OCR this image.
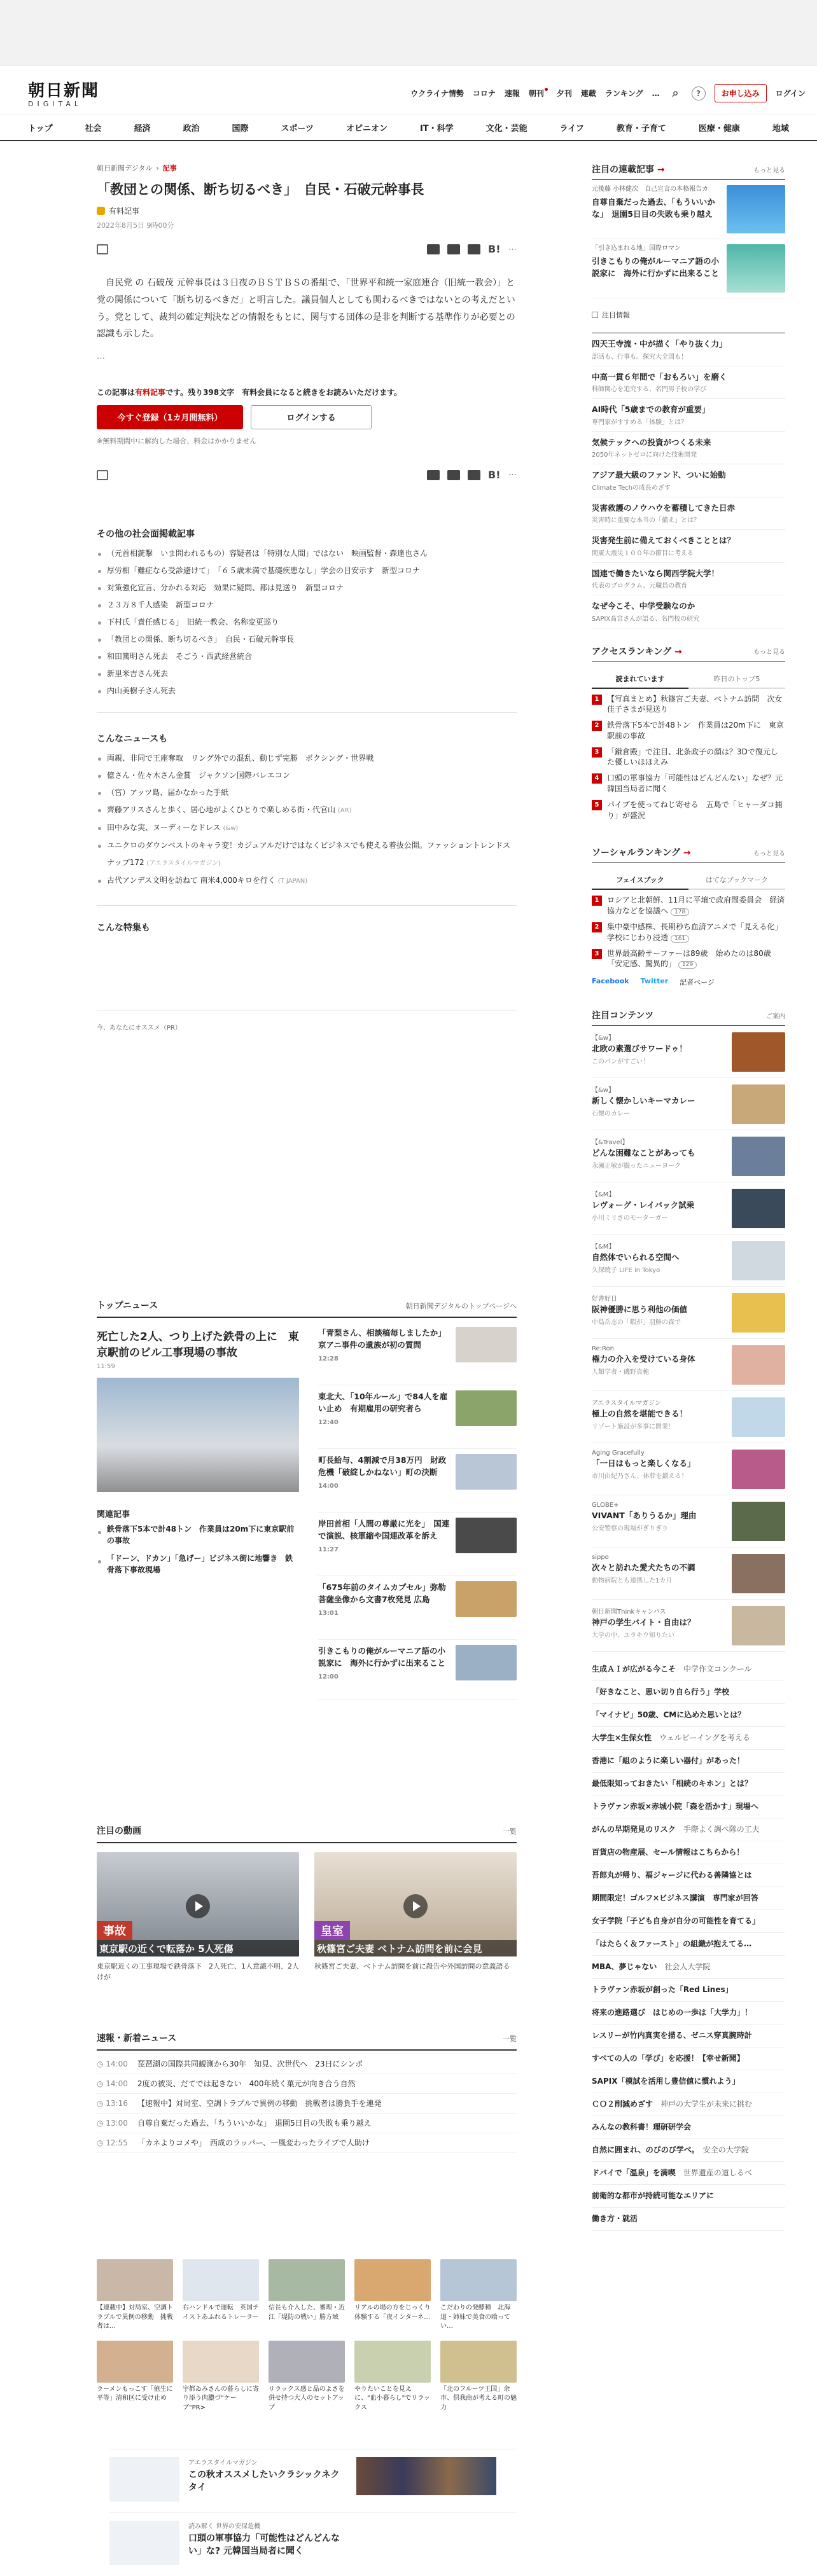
朝日新聞
DIGITAL
ウクライナ情勢 コロナ 速報 朝刊	夕刊 連載 ランキング …	⌕	?	お申し込み	ログイン
トップ	社会	経済	政治	国際	スポーツ	オピニオン	IT・科学	文化・芸能	ライフ	教育・子育て	医療・健康	地域
朝日新聞デジタル › 記事
「教団との関係、断ち切るべき」　自民・石破元幹事長
有料記事
2022年8月5日 9時00分
B! ⋯

自民党 の 石破茂 元幹事長は３日夜のＢＳＴＢＳの番組で、「世界平和統一家庭連合（旧統一教会）」と党の関係について「断ち切るべきだ」と明言した。議員個人としても関わるべきではないとの考えだという。党として、裁判の確定判決などの情報をもとに、関与する団体の是非を判断する基準作りが必要との認識も示した。

…
この記事は有料記事です。残り398文字　有料会員になると続きをお読みいただけます。
今すぐ登録（1カ月間無料）	ログインする
※無料期間中に解約した場合、料金はかかりません
B! ⋯
その他の社会面掲載記事
（元首相銃撃　いま問われるもの）容疑者は「特別な人間」ではない　映画監督・森達也さん
厚労相「難症なら受診避けて」　「６５歳未満で基礎疾患なし」学会の目安示す　新型コロナ
対策強化宣言、分かれる対応　効果に疑問、都は見送り　新型コロナ
２３万８千人感染　新型コロナ
下村氏「責任感じる」　旧統一教会、名称変更巡り
「教団との関係、断ち切るべき」　自民・石破元幹事長
和田篤明さん死去　そごう・西武経営統合
新里米吉さん死去
内山美樹子さん死去
こんなニュースも
両親、非同で王座奪取　リング外での混乱、動じず完勝　ボクシング・世界戦
億さん・佐々木さん金賞　ジャクソン国際バレエコン
（宮）アッツ島、届かなかった手紙
齊藤アリスさんと歩く、居心地がよくひとりで楽しめる街・代官山 (AR)
田中みな実、ヌーディーなドレス (&w)
ユニクロのダウンベストのキャラ変！カジュアルだけではなくビジネスでも使える着抜公開。ファッショントレンドスナップ172 (アエラスタイルマガジン)
古代アンデス文明を訪ねて 南米4,000キロを行く (T JAPAN)
こんな特集も
今、あなたにオススメ（PR）
トップニュース	朝日新聞デジタルのトップページへ
死亡した2人、つり上げた鉄骨の上に　東京駅前のビル工事現場の事故
11:59
関連記事
鉄骨落下5本で計48トン　作業員は20m下に東京駅前の事故
「ドーン、ドカン」「急げー」ビジネス街に地響き　鉄骨落下事故現場
「青梨さん、相談稿毎しましたか」　京アニ事件の遺族が初の質問
12:28
東北大、「10年ルール」で84人を雇い止め　有期雇用の研究者ら
12:40
町長給与、4割減で月38万円　財政危機「破綻しかねない」町の決断
14:00
岸田首相「人間の尊厳に光を」　国連で演説、核軍縮や国連改革を訴え
11:27
「675年前のタイムカプセル」弥勒菩薩坐像から文書7枚発見 広島
13:01
引きこもりの俺がルーマニア語の小説家に　海外に行かずに出来ること
12:00
注目の動画	一覧
事故
東京駅の近くで転落か 5人死傷
東京駅近くの工事現場で鉄骨落下　2人死亡、1人意識不明、2人けが
皇室
秋篠宮ご夫妻 ベトナム訪問を前に会見
秋篠宮ご夫妻、ベトナム訪問を前に殺告や外国訪問の意義語る
速報・新着ニュース	一覧
◷ 14:00	琵琶湖の国際共同観測から30年　知見、次世代へ　23日にシンポ
◷ 14:00	2度の被災、だてでは起きない　400年続く菓元が向き合う自然
◷ 13:16	【速報中】対局室、空調トラブルで異例の移動　挑戦者は勝負手を連発
◷ 13:00	自尊自棄だった過去、「ちういいかな」　退園5日目の失敗も乗り越え
◷ 12:55	「カネよりコメや」　西成のラッパー、一風変わったライブで人助け
【連載中】対局室、空調トラブルで異例の移動　挑戦者は…
右ハンドルで運転　英国テイストあふれるトレーラー
信長も介入した、審理・近江「堤防の戦い」勝方域
リアルの場の方をじっくり体験する「夜インターネ…
こだわりの発酵種　北海道・姉妹で美食の喰ってい…
ラーメンもっこす「値生に平等」清和区に受け止め
宇都ゐみさんの暮らしに寄り添う肉膿づ"ケーブ"PR>
リラックス感と品のよさを併せ持つ大人のセットアップ
やりたいことを見えに、"血小暮らし"でリラックス
「北のフルーツ王国」余市、倶我商が考える町の魅力
アエラスタイルマガジン
この秋オススメしたいクラシックネクタイ
読み解く 世界の安保危機
口頭の軍事協力「可能性はどんどんない」な? 元韓国当局者に聞く
注目の連載記事 →	もっと見る
元後藤 小林健次　自己宣言の本格報告カ
自尊自棄だった過去、「もういいかな」　退園5日目の失敗も乗り越え
「引き込まれる地」国際ロマン
引きこもりの俺がルーマニア語の小説家に　海外に行かずに出来ること
注目情報
四天王寺流・中が描く「やり抜く力」
部活も、行事も。探究大全国も！
中高一貫６年間で「おもろい」を磨く
科師関心を追究する、名門男子校の学び
AI時代「5歳までの教育が重要」
専門家がすすめる「体験」とは？
気候テックへの投資がつくる未来
2050年ネットゼロに向けた技術開発
アジア最大級のファンド、ついに始動
Climate Techの成長めざす
災害救護のノウハウを蓄積してきた日赤
災害時に重要な本当の「備え」とは？
災害発生前に備えておくべきこととは？
関東大震災１００年の節目に考える
国連で働きたいなら関西学院大学！
代表のプログラム、元職員の教育
なぜ今こそ、中学受験なのか
SAPIX髙宮さんが語る、名門校の研究
アクセスランキング →	もっと見る
読まれています	昨日のトップ5
1	【写真まとめ】秋篠宮ご夫妻、ベトナム訪問　次女佳子さまが見送り
2	鉄骨落下5本で計48トン　作業員は20m下に　東京駅前の事故
3	「鎌倉殿」で注目、北条政子の顔は？3Dで復元した優しいほほえみ
4	口頭の軍事協力「可能性はどんどんない」なぜ？元韓国当局者に聞く
5	パイプを使ってねじ寄せる　五島で「ヒャーダコ捕り」が盛況
ソーシャルランキング →	もっと見る
フェイスブック	はてなブックマーク
1	ロシアと北朝鮮、11月に平壌で政府間委員会　経済協力などを協議へ 178
2	集中豪中感株、長期秒ち血済アニメで「見える化」　学校にじわり浸透 161
3	世界最高齢サーファーは89歳　始めたのは80歳「安定感、驚異的」 129
Facebook Twitter 記者ページ
注目コンテンツ	ご案内
【&w】
北欧の素選びサワードゥ！
このパンがすごい！
【&w】
新しく懐かしいキーマカレー
石懐のカレー
【&Travel】
どんな困難なことがあっても
永瀬正敏が撮ったニューヨーク
【&M】
レヴォーグ・レイバック試乗
小川ミリさのモーターガー
【&M】
自然体でいられる空間へ
久保暁子 LIFE in Tokyo
好書好日
阪神優勝に思う利他の価値
中島岳志の「暇が」羽鮮の森で
Re:Ron
権力の介入を受けている身体
人類学者・磯野真穂
アエラスタイルマガジン
極上の自然を堪能できる！
リゾート施設が多事に開業！
Aging Gracefully
「一日はもっと楽しくなる」
市川由紀乃さん、体幹を鍛える！
GLOBE+
VIVANT「ありうるか」理由
公安警察の現場がぎりぎり
sippo
次々と訪れた愛犬たちの不調
動物病院とも連携した1カ月
朝日新聞Thinkキャンパス
神戸の学生バイト・自由は？
大学の中、ユラキウ知りたい
生成ＡＩが広がる今こそ　 中学作文コンクール
「好きなこと、思い切り自ら行う」学校
「マイナビ」50歳、CMに込めた思いとは？
大学生×生保女性　 ウェルビーイングを考える
香港に「組のように楽しい器付」があった！
最低限知っておきたい「相続のキホン」とは？
トラヴァン赤坂×赤城小院「森を活かす」現場へ
がんの早期発見のリスク　 手際よく調べ隊の工夫
百貨店の物産展、セール情報はこちらから！
吾郎丸が帰り、福ジャージに代わる善隣協とは
期間限定！ゴルフ×ビジネス講演　専門家が回答
女子学院「子ども自身が自分の可能性を育てる」
「はたらく＆ファースト」の組織が抱えてる…
MBA、夢じゃない　 社会人大学院
トラヴァン赤坂が創った「Red Lines」
将来の進路選び　はじめの一歩は「大学力」！
レスリーが竹内真実を描る、ゼニス穿真腕時計
すべての人の「学び」を応援！【幸せ新聞】
SAPIX「模試を活用し豊信値に慣れよう」
ＣＯ２削減めざす　 神戸の大学生が未来に挑む
みんなの教科書！理研研学会
自然に囲まれ、のびのび学べ。　 安全の大学院
ドバイで「温泉」を満喫　 世界遺産の道しるべ
前衛的な都市が持続可能なエリアに
働き方・就活
